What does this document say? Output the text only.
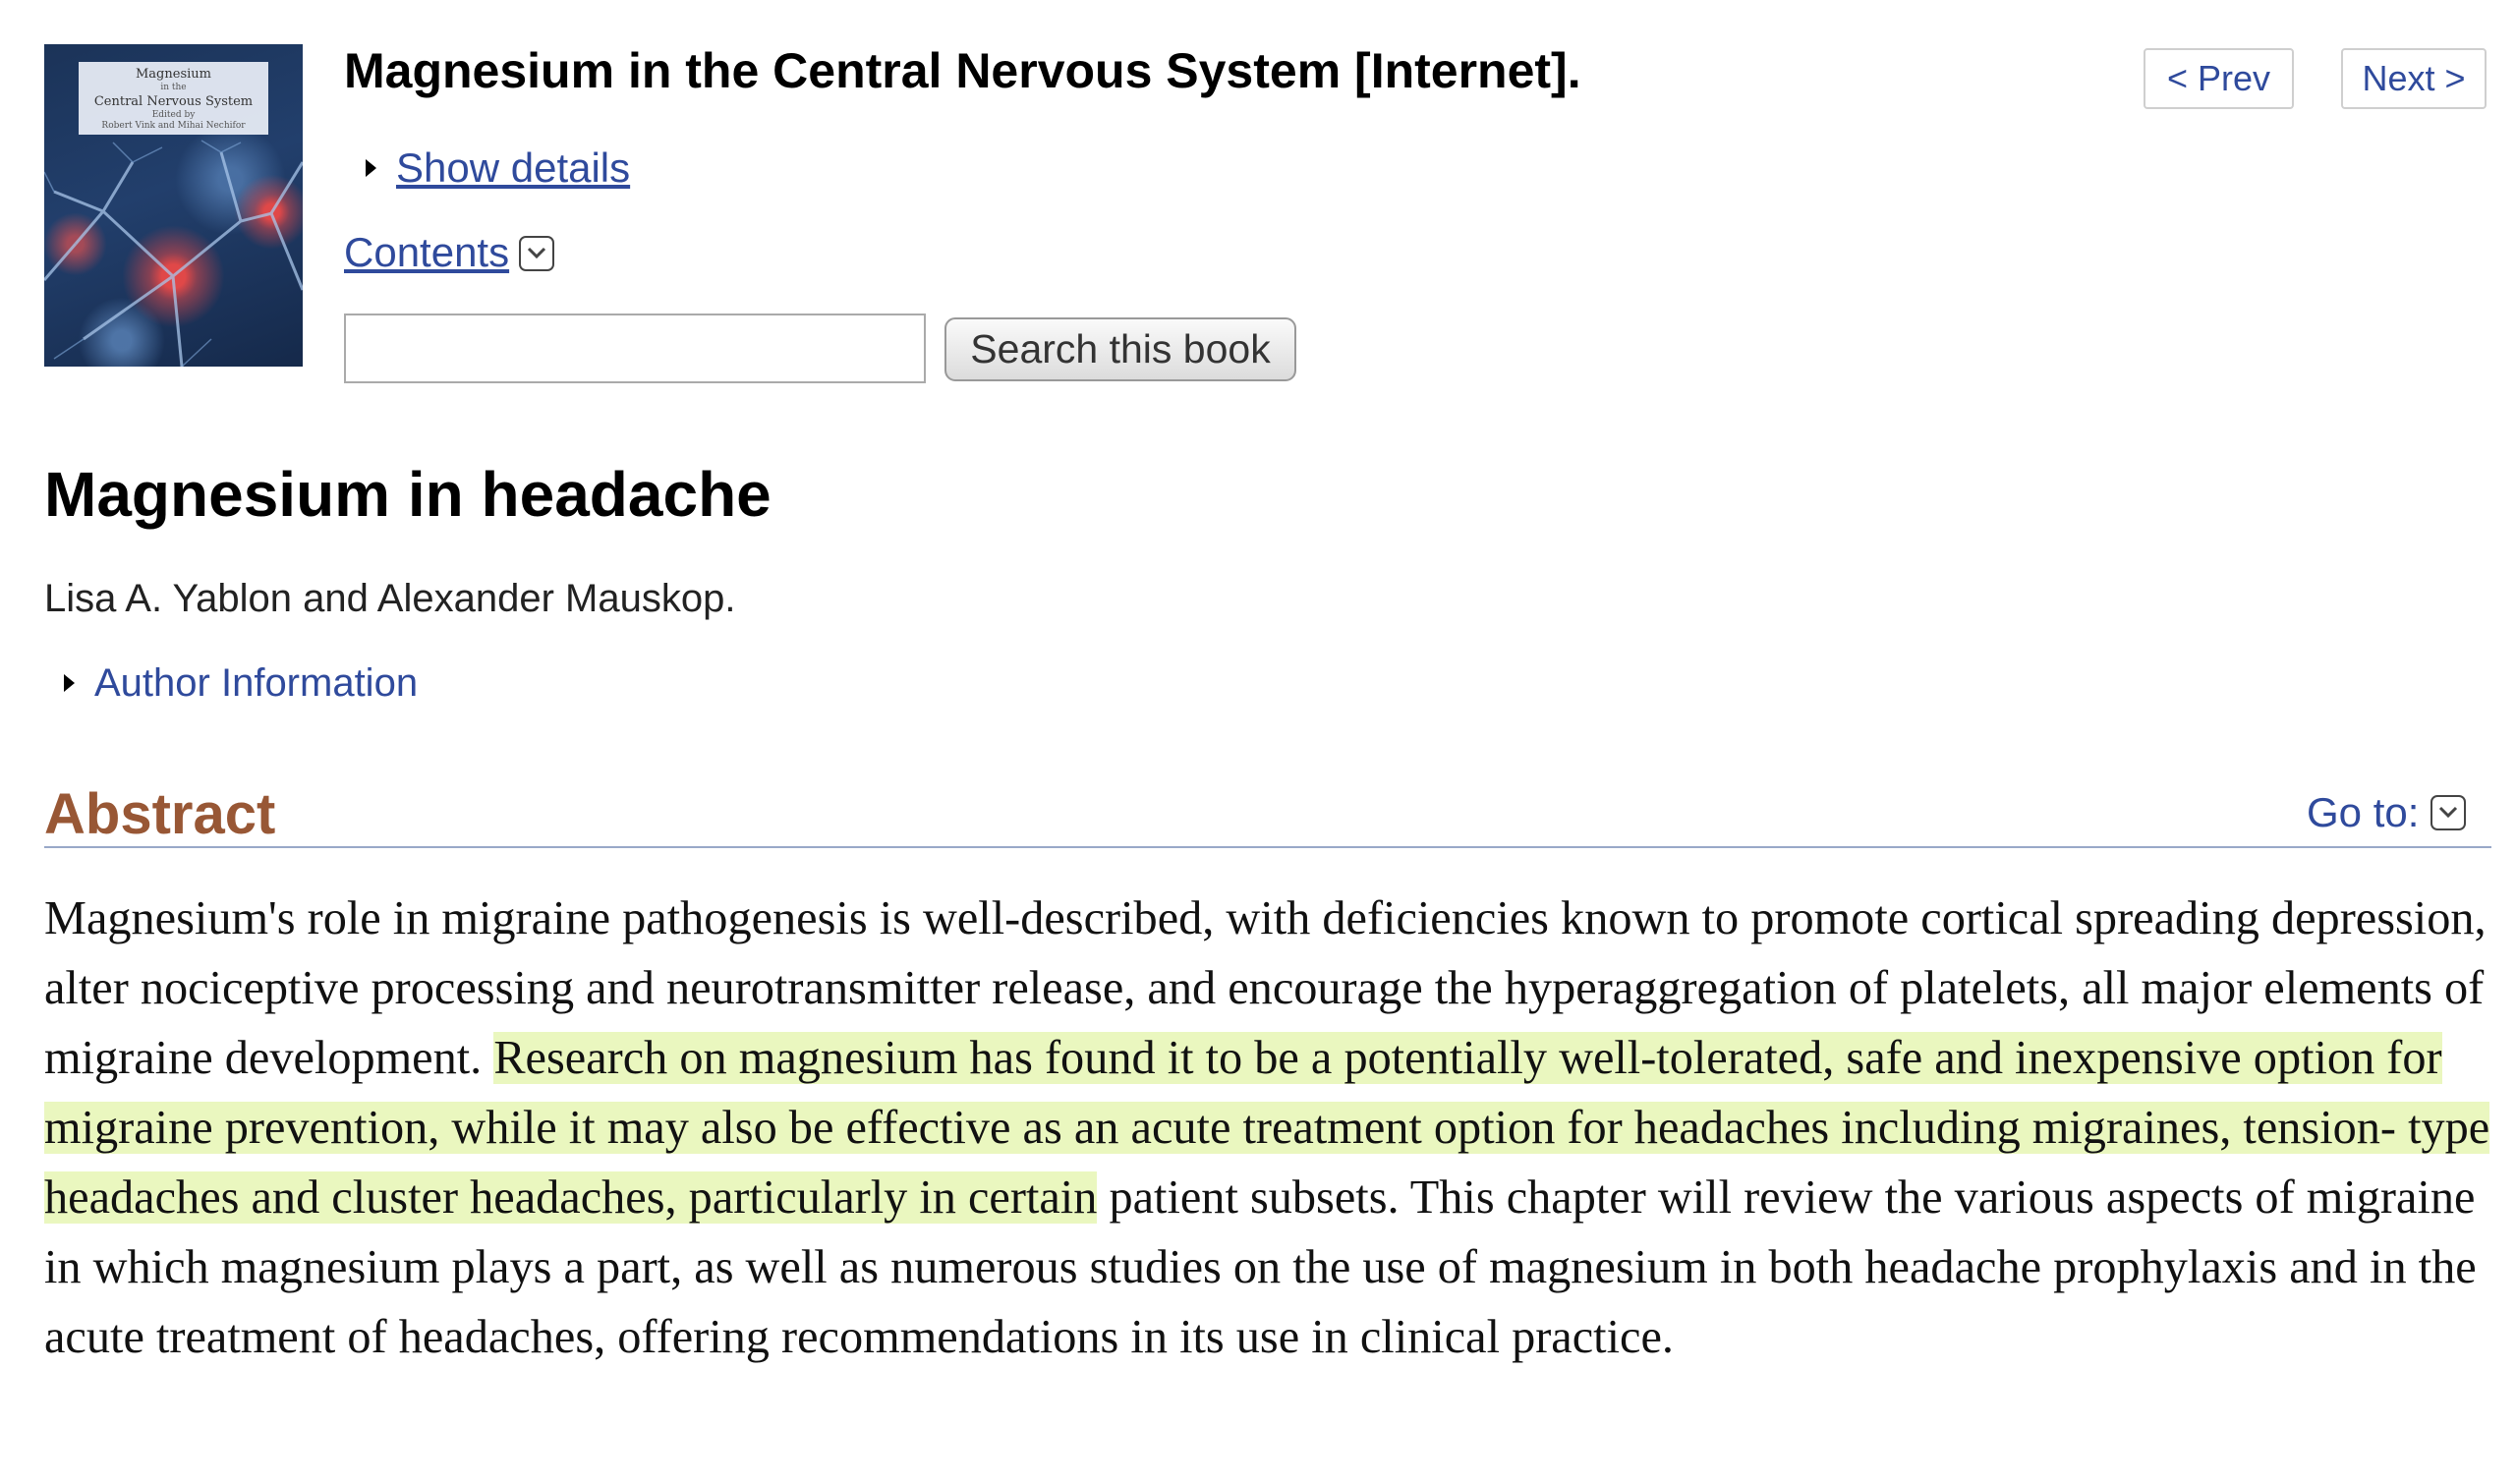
Magnesium
in the
Central Nervous System
Edited by
Robert Vink and Mihai Nechifor
Magnesium in the Central Nervous System [Internet].
Show details
Contents
Search this book
< Prev	Next >
Magnesium in headache
Lisa A. Yablon and Alexander Mauskop.
Author Information
Abstract	Go to:

Magnesium's role in migraine pathogenesis is well-described, with deficiencies known to promote cortical spreading depression, alter nociceptive processing and neurotransmitter release, and encourage the hyperaggregation of platelets, all major elements of migraine development. Research on magnesium has found it to be a potentially well-tolerated, safe and inexpensive option for migraine prevention, while it may also be effective as an acute treatment option for headaches including migraines, tension- type headaches and cluster headaches, particularly in certain patient subsets. This chapter will review the various aspects of migraine in which magnesium plays a part, as well as numerous studies on the use of magnesium in both headache prophylaxis and in the acute treatment of headaches, offering recommendations in its use in clinical practice.
